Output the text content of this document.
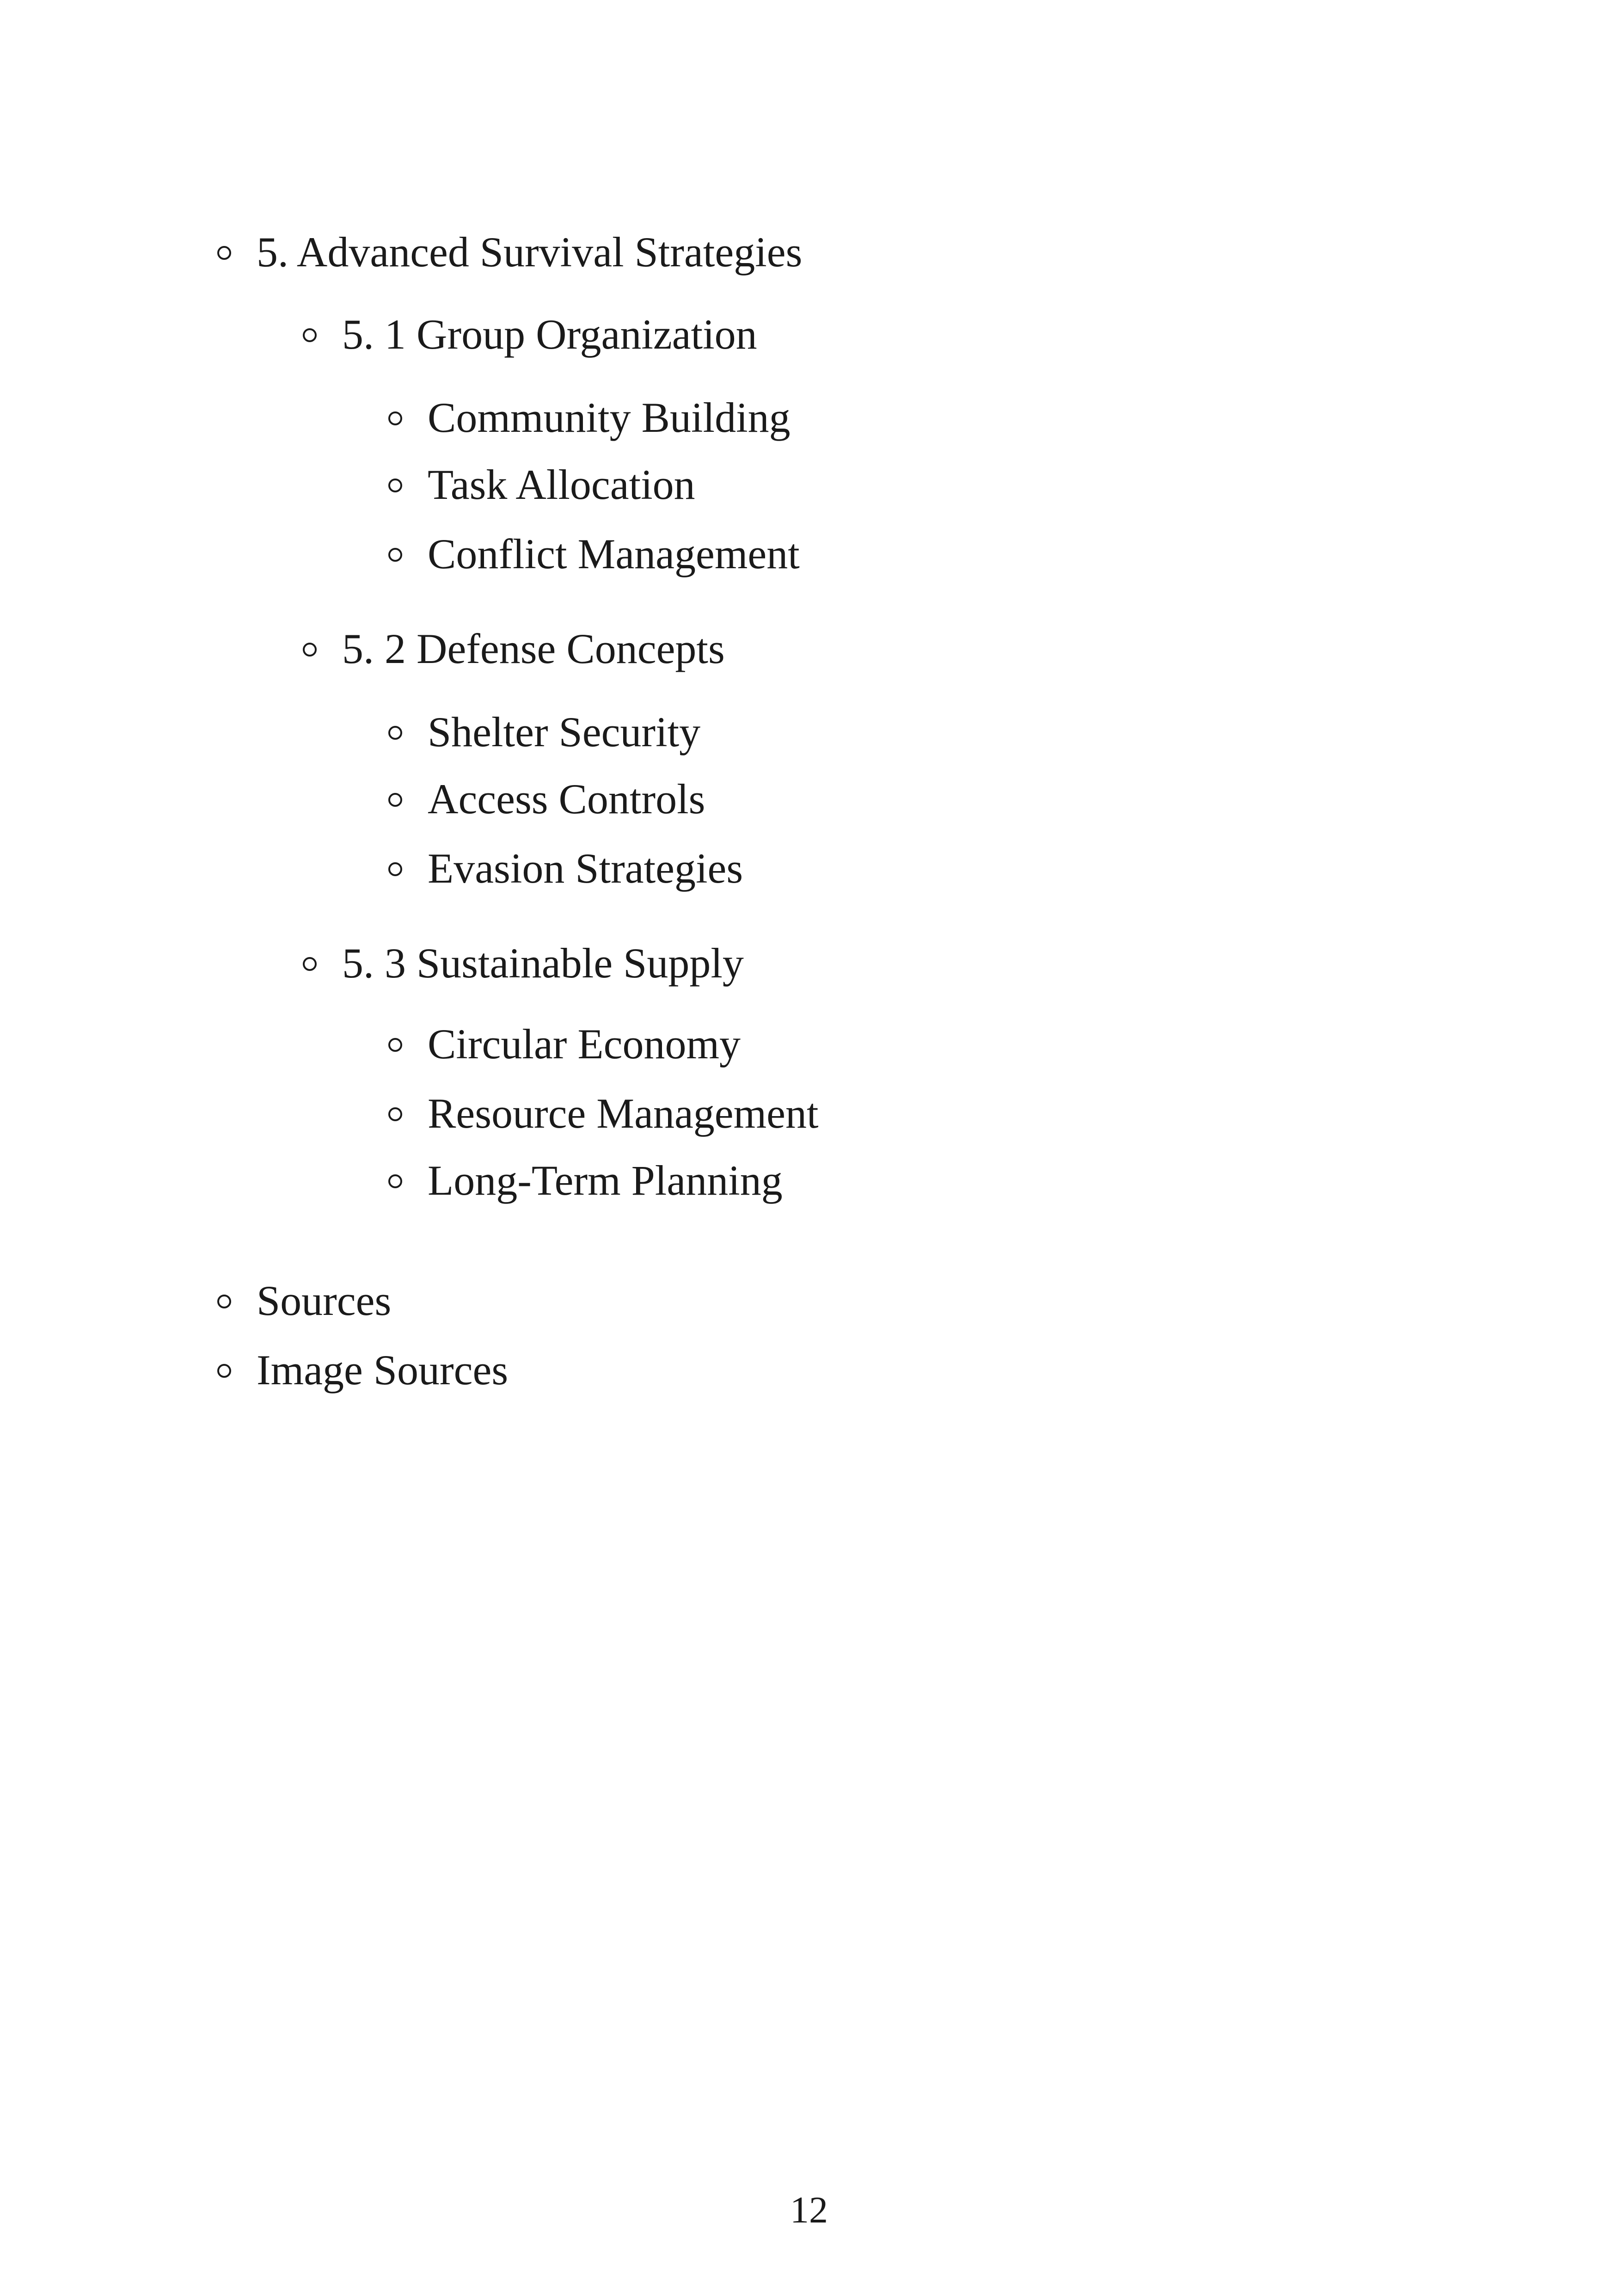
5. Advanced Survival Strategies
5. 1 Group Organization
Community Building
Task Allocation
Conflict Management
5. 2 Defense Concepts
Shelter Security
Access Controls
Evasion Strategies
5. 3 Sustainable Supply
Circular Economy
Resource Management
Long-Term Planning
Sources
Image Sources
12
